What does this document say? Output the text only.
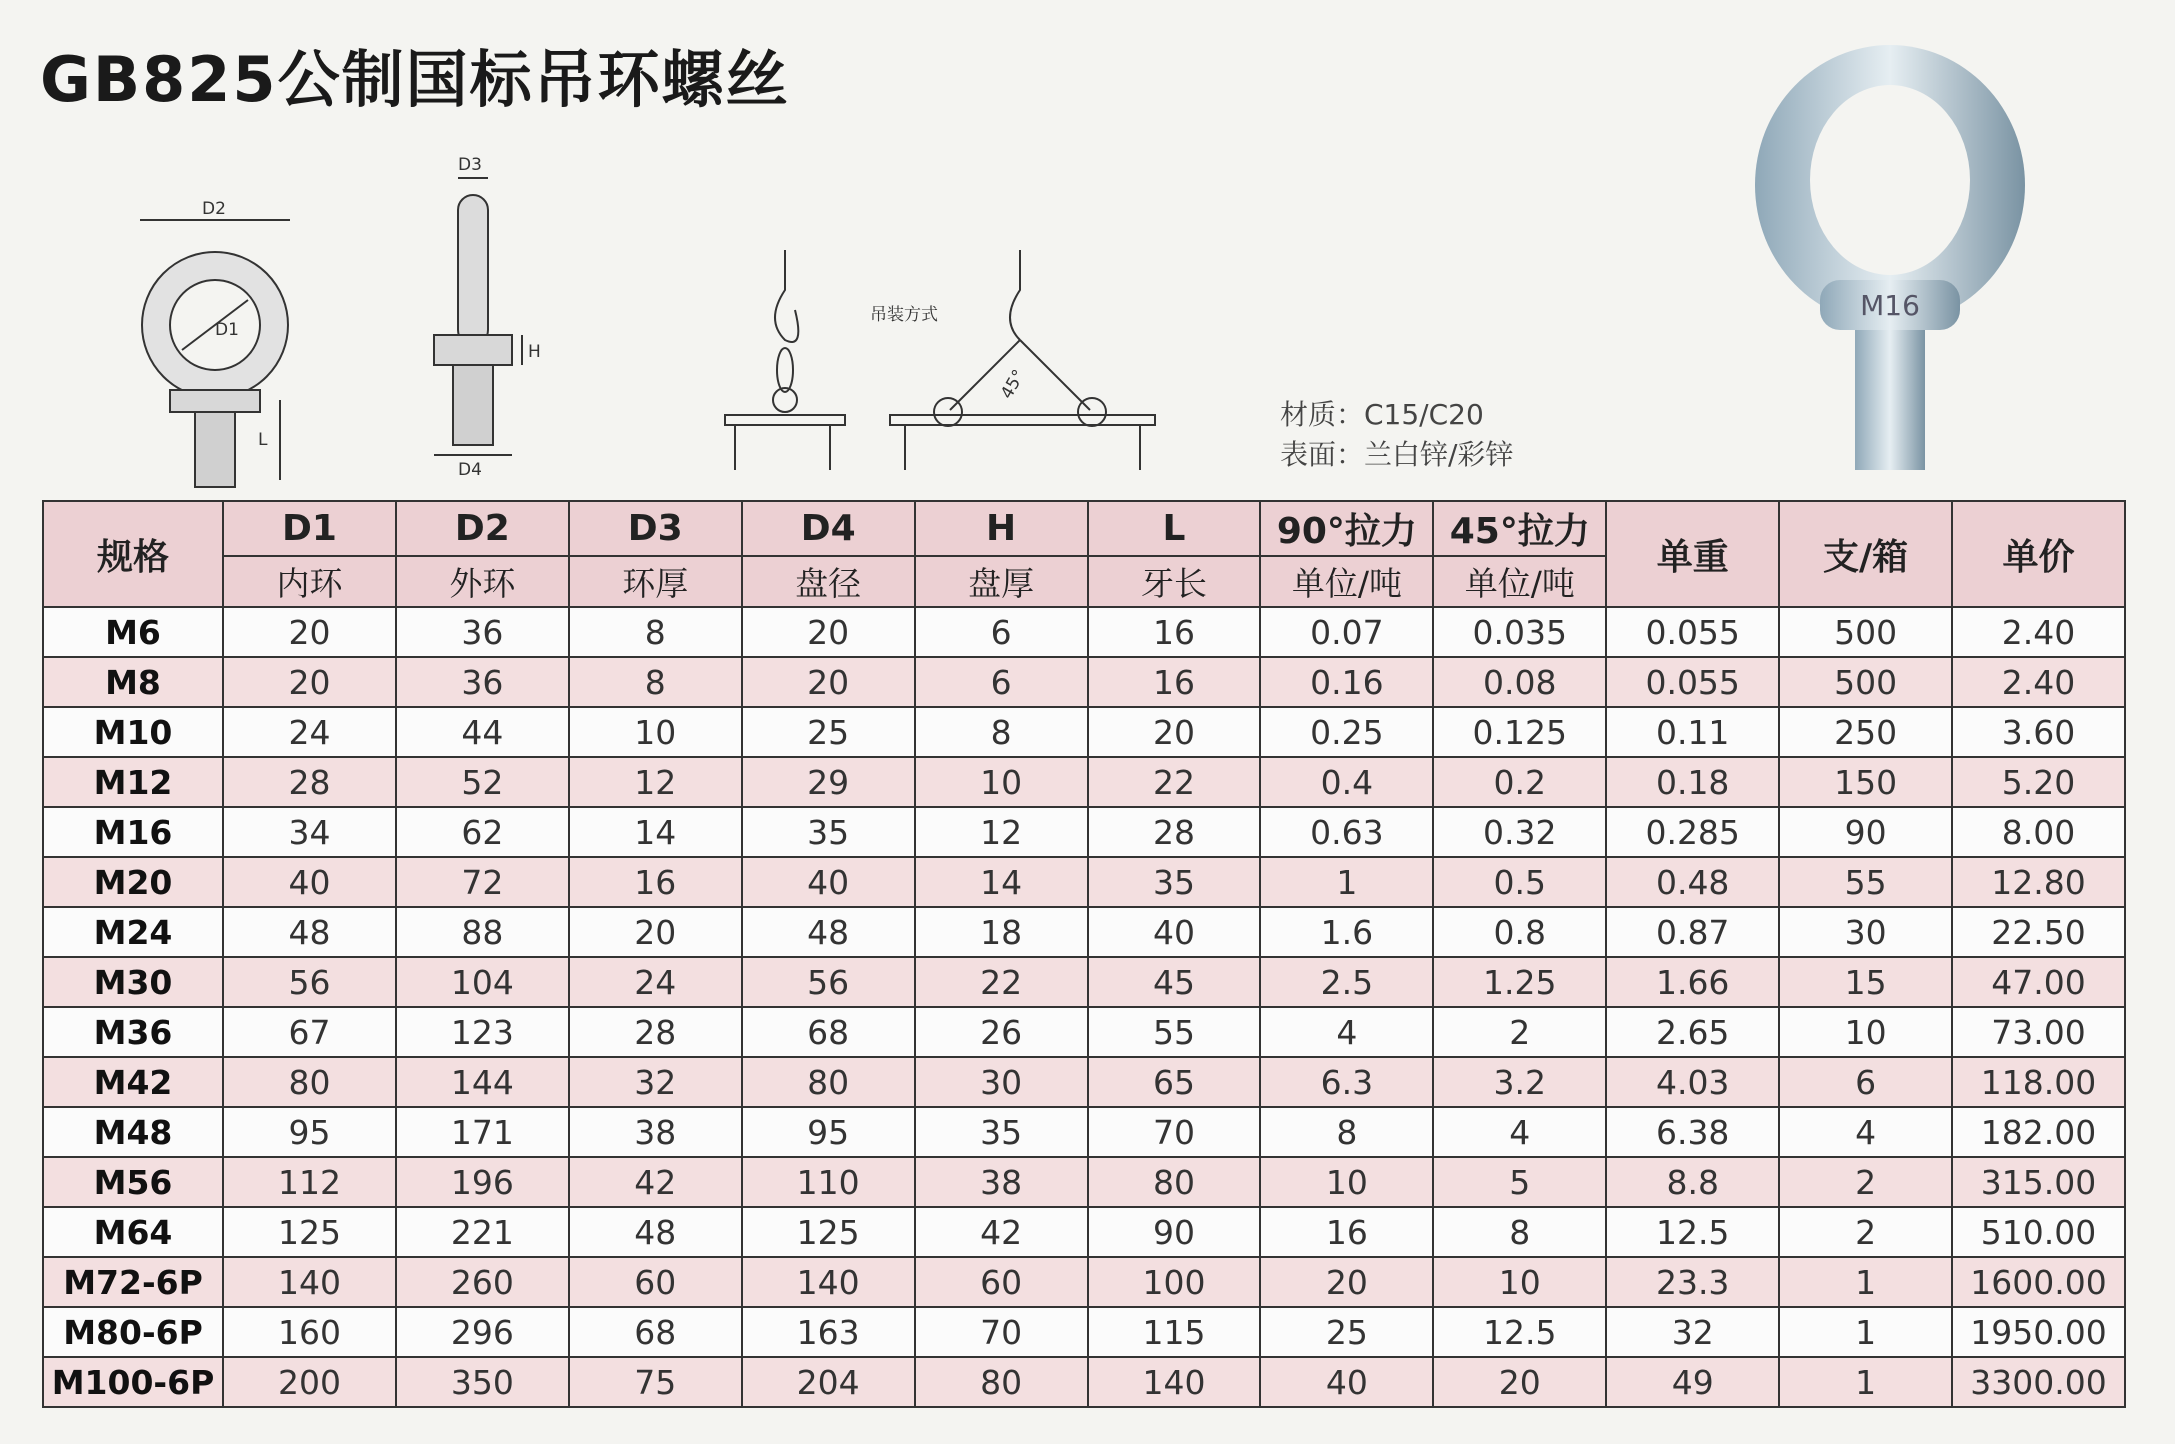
GB825公制国标吊环螺丝
D2
D1
L
D3
D4
H
吊装方式
45°
材质：C15/C20
表面：兰白锌/彩锌
M16
规格	D1	D2	D3	D4	H	L	90°拉力	45°拉力	单重	支/箱	单价
	内环	外环	环厚	盘径	盘厚	牙长	单位/吨	单位/吨			
M6	20	36	8	20	6	16	0.07	0.035	0.055	500	2.40
M8	20	36	8	20	6	16	0.16	0.08	0.055	500	2.40
M10	24	44	10	25	8	20	0.25	0.125	0.11	250	3.60
M12	28	52	12	29	10	22	0.4	0.2	0.18	150	5.20
M16	34	62	14	35	12	28	0.63	0.32	0.285	90	8.00
M20	40	72	16	40	14	35	1	0.5	0.48	55	12.80
M24	48	88	20	48	18	40	1.6	0.8	0.87	30	22.50
M30	56	104	24	56	22	45	2.5	1.25	1.66	15	47.00
M36	67	123	28	68	26	55	4	2	2.65	10	73.00
M42	80	144	32	80	30	65	6.3	3.2	4.03	6	118.00
M48	95	171	38	95	35	70	8	4	6.38	4	182.00
M56	112	196	42	110	38	80	10	5	8.8	2	315.00
M64	125	221	48	125	42	90	16	8	12.5	2	510.00
M72-6P	140	260	60	140	60	100	20	10	23.3	1	1600.00
M80-6P	160	296	68	163	70	115	25	12.5	32	1	1950.00
M100-6P	200	350	75	204	80	140	40	20	49	1	3300.00
